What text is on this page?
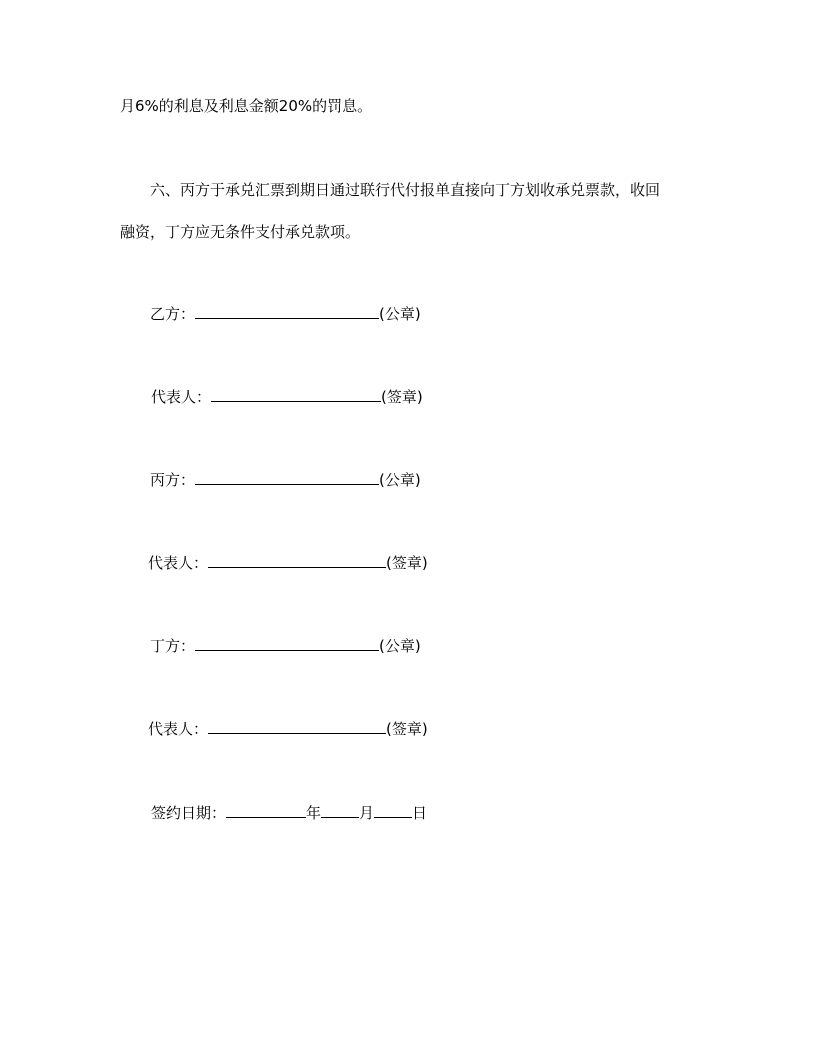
月6%的利息及利息金额20%的罚息。
六、丙方于承兑汇票到期日通过联行代付报单直接向丁方划收承兑票款，收回
融资，丁方应无条件支付承兑款项。
乙方：	(公章)
代表人：	(签章)
丙方：	(公章)
代表人：	(签章)
丁方：	(公章)
代表人：	(签章)
签约日期：	年	月	日
